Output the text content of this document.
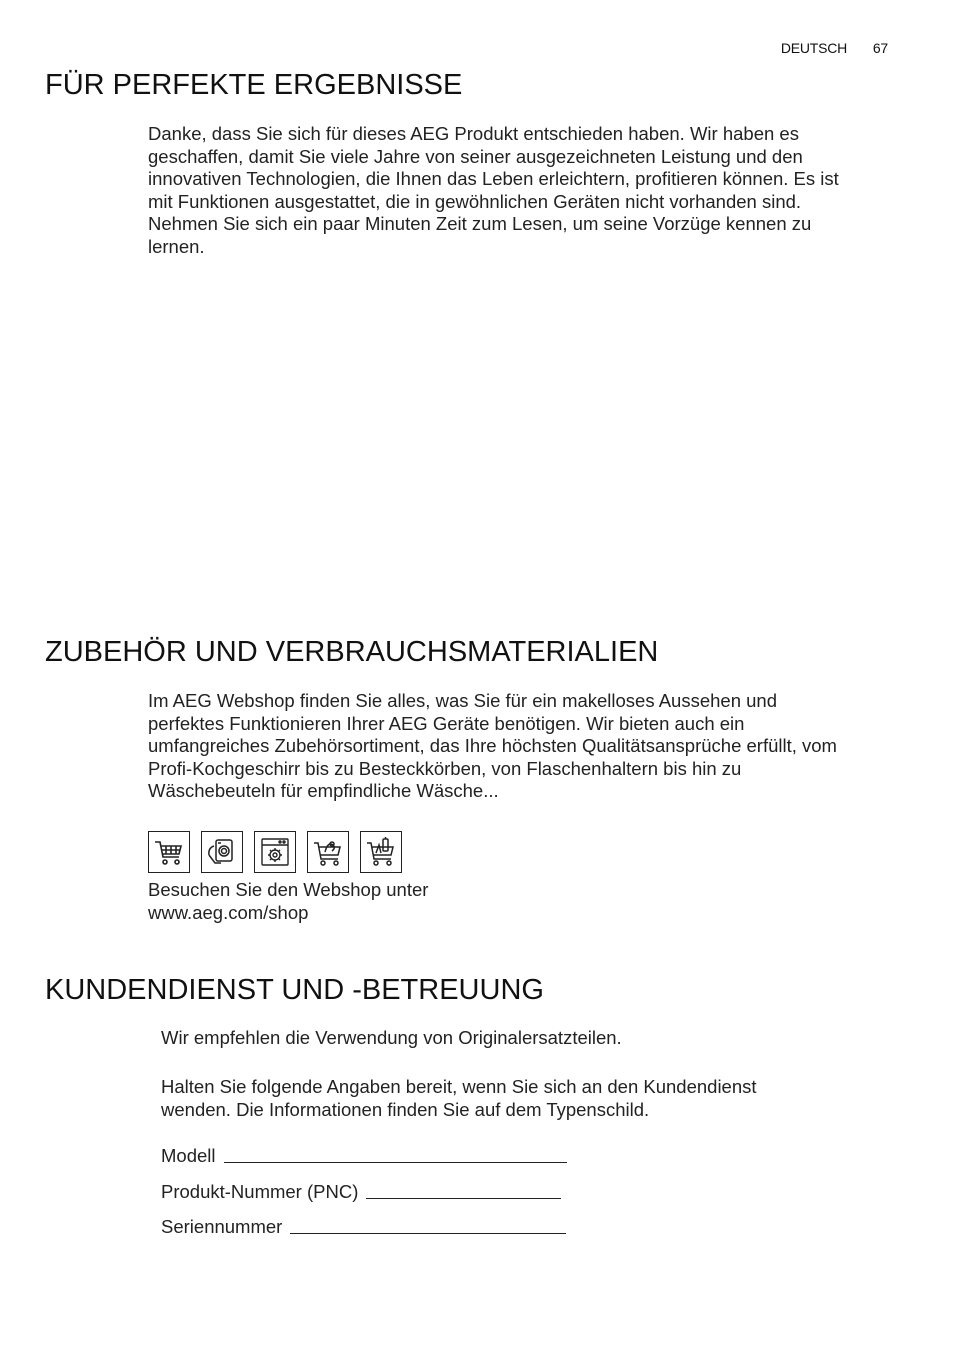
DEUTSCH 67
FÜR PERFEKTE ERGEBNISSE
Danke, dass Sie sich für dieses AEG Produkt entschieden haben. Wir haben es
geschaffen, damit Sie viele Jahre von seiner ausgezeichneten Leistung und den
innovativen Technologien, die Ihnen das Leben erleichtern, profitieren können. Es ist
mit Funktionen ausgestattet, die in gewöhnlichen Geräten nicht vorhanden sind.
Nehmen Sie sich ein paar Minuten Zeit zum Lesen, um seine Vorzüge kennen zu
lernen.
ZUBEHÖR UND VERBRAUCHSMATERIALIEN
Im AEG Webshop finden Sie alles, was Sie für ein makelloses Aussehen und
perfektes Funktionieren Ihrer AEG Geräte benötigen. Wir bieten auch ein
umfangreiches Zubehörsortiment, das Ihre höchsten Qualitätsansprüche erfüllt, vom
Profi-Kochgeschirr bis zu Besteckkörben, von Flaschenhaltern bis hin zu
Wäschebeuteln für empfindliche Wäsche...
Besuchen Sie den Webshop unter
www.aeg.com/shop
KUNDENDIENST UND -BETREUUNG
Wir empfehlen die Verwendung von Originalersatzteilen.
Halten Sie folgende Angaben bereit, wenn Sie sich an den Kundendienst
wenden. Die Informationen finden Sie auf dem Typenschild.
Modell
Produkt-Nummer (PNC)
Seriennummer
